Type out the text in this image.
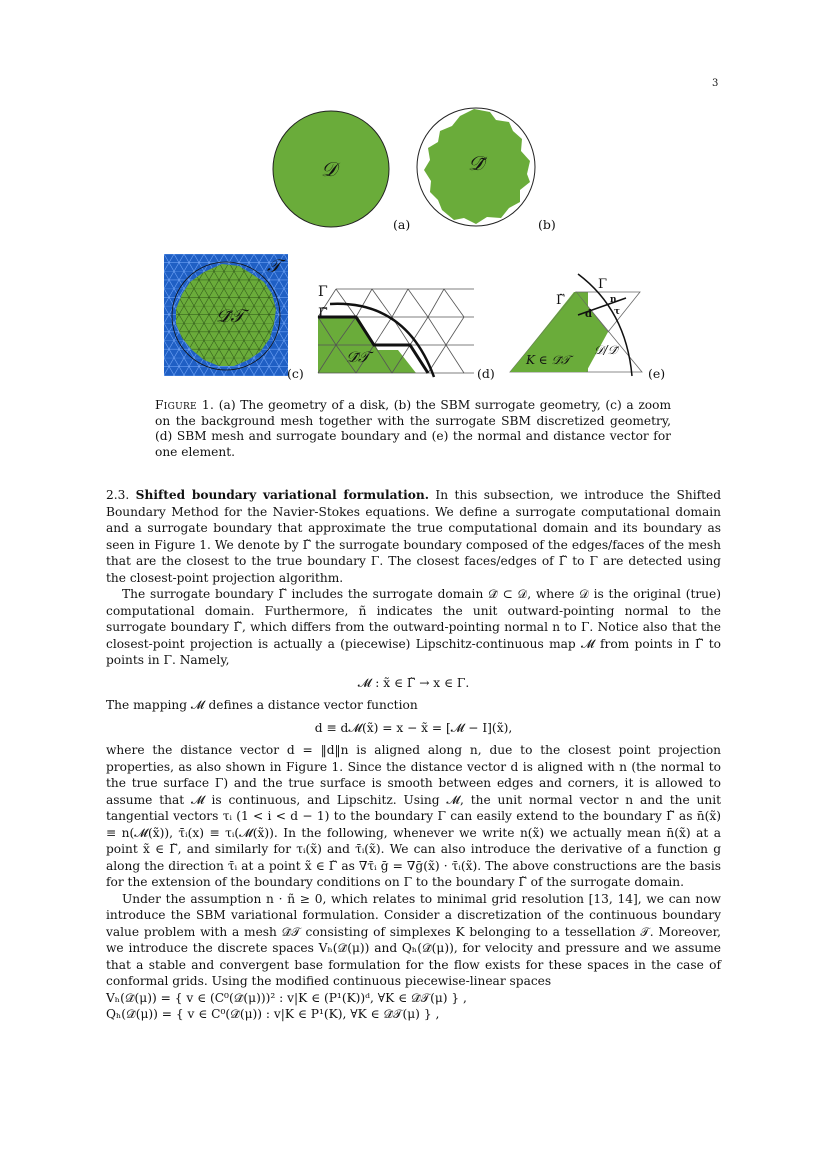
3
𝒟
(a)
𝒟̃
(b)
𝒯
𝒟̃𝒯
(c)
Γ
Γ̃
𝒟̃𝒯
(d)
Γ
Γ̃	n
τ
d
K ∈ 𝒟̃𝒯
𝒟/𝒟̃
(e)
Figure 1. (a) The geometry of a disk, (b) the SBM surrogate geometry, (c) a zoom on the background mesh together with the surrogate SBM discretized geometry, (d) SBM mesh and surrogate boundary and (e) the normal and distance vector for one element.

2.3. Shifted boundary variational formulation. In this subsection, we introduce the Shifted Boundary Method for the Navier-Stokes equations. We define a surrogate computational domain and a surrogate boundary that approximate the true computational domain and its boundary as seen in Figure 1. We denote by Γ̃ the surrogate boundary composed of the edges/faces of the mesh that are the closest to the true boundary Γ. The closest faces/edges of Γ̃ to Γ are detected using the closest-point projection algorithm.

The surrogate boundary Γ̃ includes the surrogate domain 𝒟̃ ⊂ 𝒟, where 𝒟 is the original (true) computational domain. Furthermore, ñ indicates the unit outward-pointing normal to the surrogate boundary Γ̃, which differs from the outward-pointing normal n to Γ. Notice also that the closest-point projection is actually a (piecewise) Lipschitz-continuous map 𝓜 from points in Γ̃ to points in Γ. Namely,

𝓜 : x̃ ∈ Γ̃ → x ∈ Γ.

The mapping 𝓜 defines a distance vector function

d ≡ d𝓜(x̃) = x − x̃ = [𝓜 − I](x̃),

where the distance vector d = ‖d‖n is aligned along n, due to the closest point projection properties, as also shown in Figure 1. Since the distance vector d is aligned with n (the normal to the true surface Γ) and the true surface is smooth between edges and corners, it is allowed to assume that 𝓜 is continuous, and Lipschitz. Using 𝓜, the unit normal vector n and the unit tangential vectors τᵢ (1 < i < d − 1) to the boundary Γ can easily extend to the boundary Γ̃ as n̄(x̃) ≡ n(𝓜(x̃)), τ̄ᵢ(x) ≡ τᵢ(𝓜(x̃)). In the following, whenever we write n(x̃) we actually mean n̄(x̃) at a point x̃ ∈ Γ̃, and similarly for τᵢ(x̃) and τ̄ᵢ(x̃). We can also introduce the derivative of a function g along the direction τ̄ᵢ at a point x̃ ∈ Γ̃ as ∇τ̄ᵢ ḡ = ∇ḡ(x̃) · τ̄ᵢ(x̃). The above constructions are the basis for the extension of the boundary conditions on Γ to the boundary Γ̃ of the surrogate domain.

Under the assumption n · ñ ≥ 0, which relates to minimal grid resolution [13, 14], we can now introduce the SBM variational formulation. Consider a discretization of the continuous boundary value problem with a mesh 𝒟̃𝒯 consisting of simplexes K belonging to a tessellation 𝒯. Moreover, we introduce the discrete spaces Vₕ(𝒟̃(μ)) and Qₕ(𝒟̃(μ)), for velocity and pressure and we assume that a stable and convergent base formulation for the flow exists for these spaces in the case of conformal grids. Using the modified continuous piecewise-linear spaces

Vₕ(𝒟̃(μ)) = { v ∈ (C⁰(𝒟̃(μ)))² : v|K ∈ (P¹(K))ᵈ, ∀K ∈ 𝒟̃𝒯(μ) } ,

Qₕ(𝒟̃(μ)) = { v ∈ C⁰(𝒟̃(μ)) : v|K ∈ P¹(K), ∀K ∈ 𝒟̃𝒯(μ) } ,
